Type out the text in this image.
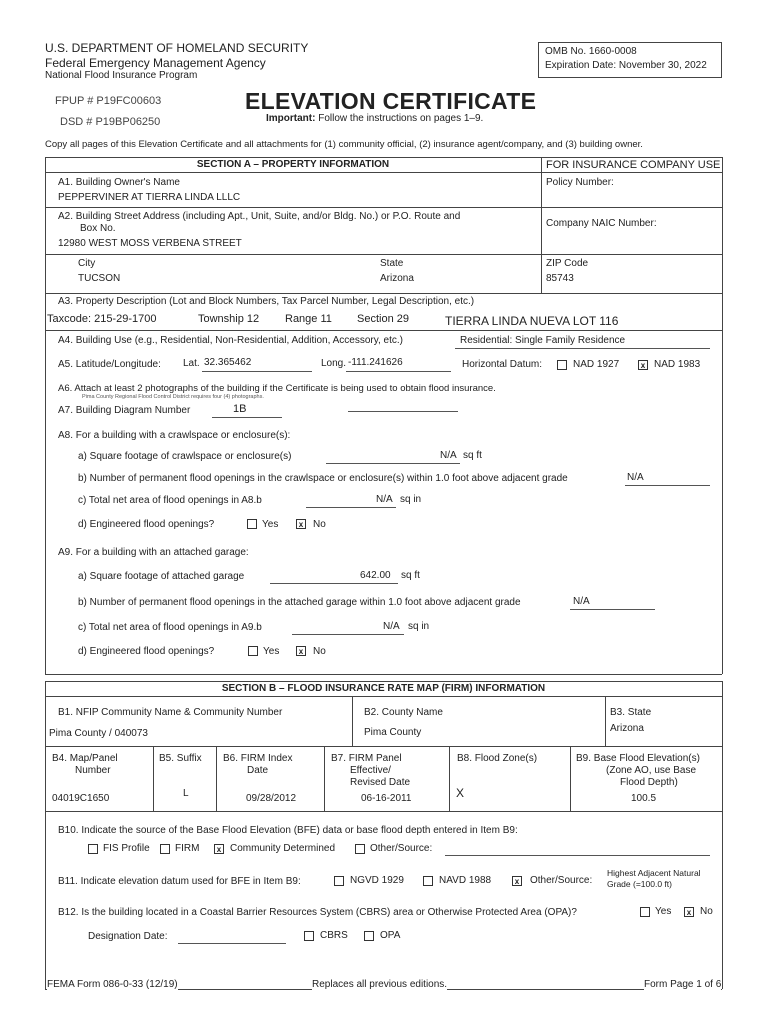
U.S. DEPARTMENT OF HOMELAND SECURITY
Federal Emergency Management Agency
National Flood Insurance Program
OMB No. 1660-0008
Expiration Date: November 30, 2022
FPUP # P19FC00603
DSD # P19BP06250
ELEVATION CERTIFICATE
Important: Follow the instructions on pages 1–9.
Copy all pages of this Elevation Certificate and all attachments for (1) community official, (2) insurance agent/company, and (3) building owner.
SECTION A – PROPERTY INFORMATION	FOR INSURANCE COMPANY USE
A1. Building Owner's Name
PEPPERVINER AT TIERRA LINDA LLLC
Policy Number:
A2. Building Street Address (including Apt., Unit, Suite, and/or Bldg. No.) or P.O. Route and
Box No.
12980 WEST MOSS VERBENA STREET
Company NAIC Number:
City
TUCSON
State
Arizona
ZIP Code
85743
A3. Property Description (Lot and Block Numbers, Tax Parcel Number, Legal Description, etc.)
Taxcode: 215-29-1700	Township 12 Range 11 Section 29	TIERRA LINDA NUEVA LOT 116
A4. Building Use (e.g., Residential, Non-Residential, Addition, Accessory, etc.)	Residential: Single Family Residence
A5. Latitude/Longitude: Lat. 32.365462	Long. -111.241626	Horizontal Datum:	NAD 1927	x NAD 1983
A6. Attach at least 2 photographs of the building if the Certificate is being used to obtain flood insurance.
Pima County Regional Flood Control District requires four (4) photographs.
A7. Building Diagram Number	1B
A8. For a building with a crawlspace or enclosure(s):
a) Square footage of crawlspace or enclosure(s)	N/A sq ft
b) Number of permanent flood openings in the crawlspace or enclosure(s) within 1.0 foot above adjacent grade	N/A
c) Total net area of flood openings in A8.b	N/A sq in
d) Engineered flood openings?	Yes	x No
A9. For a building with an attached garage:
a) Square footage of attached garage	642.00 sq ft
b) Number of permanent flood openings in the attached garage within 1.0 foot above adjacent grade	N/A
c) Total net area of flood openings in A9.b	N/A sq in
d) Engineered flood openings?	Yes	x No
SECTION B – FLOOD INSURANCE RATE MAP (FIRM) INFORMATION
B1. NFIP Community Name & Community Number
Pima County / 040073
B2. County Name
Pima County
B3. State
Arizona
B4. Map/Panel
Number
04019C1650
B5. Suffix
L
B6. FIRM Index
Date
09/28/2012
B7. FIRM Panel
Effective/
Revised Date
06-16-2011
B8. Flood Zone(s)
X
B9. Base Flood Elevation(s)
(Zone AO, use Base
Flood Depth)
100.5
B10. Indicate the source of the Base Flood Elevation (BFE) data or base flood depth entered in Item B9:
FIS Profile	FIRM	x Community Determined	Other/Source:
B11. Indicate elevation datum used for BFE in Item B9:	NGVD 1929	NAVD 1988	x Other/Source:
Highest Adjacent Natural
Grade (=100.0 ft)
B12. Is the building located in a Coastal Barrier Resources System (CBRS) area or Otherwise Protected Area (OPA)?	Yes	x No
Designation Date:	CBRS	OPA
FEMA Form 086-0-33 (12/19)	Replaces all previous editions.	Form Page 1 of 6
